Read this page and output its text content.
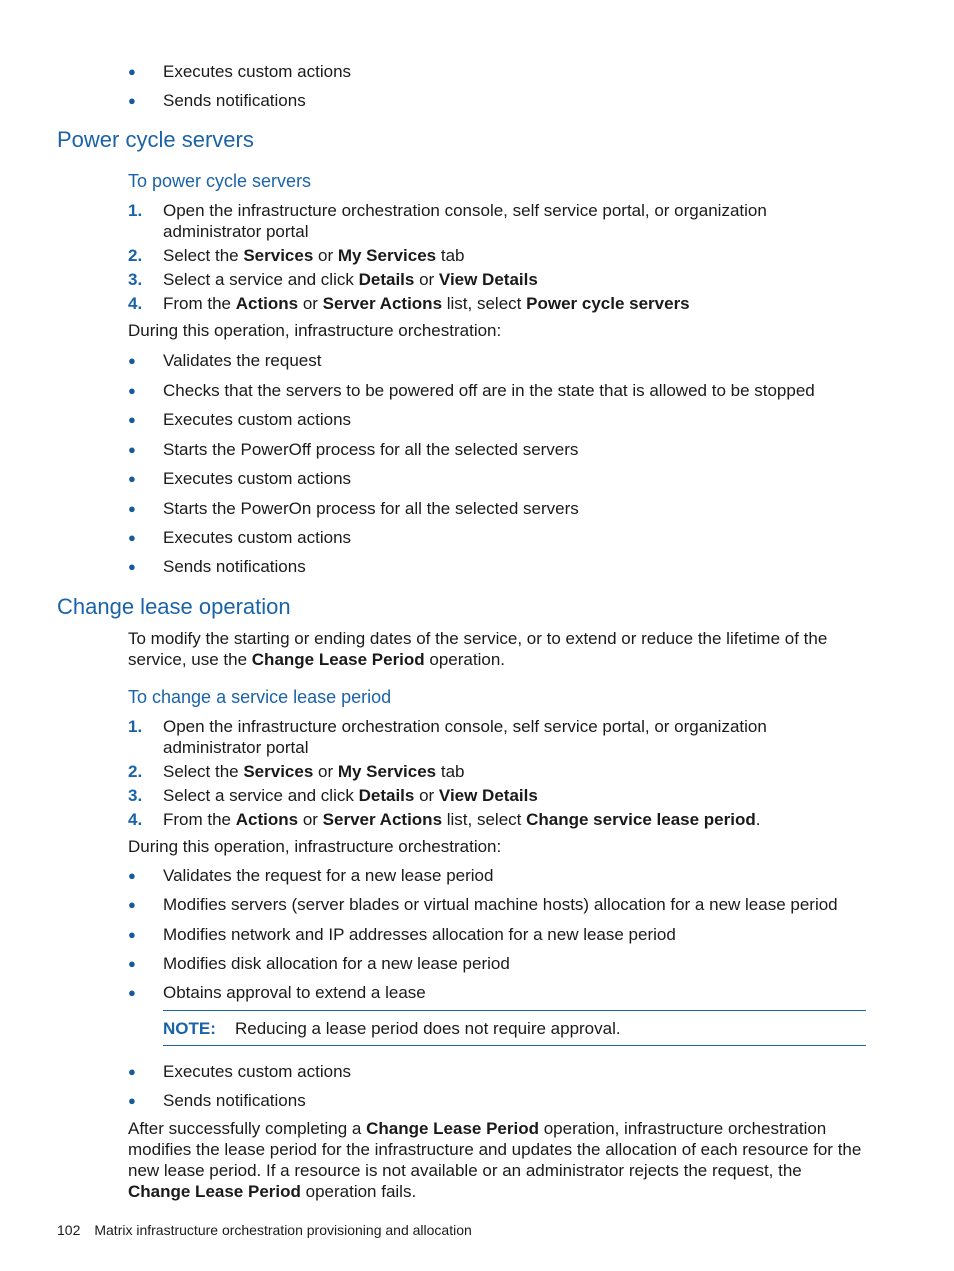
● Executes custom actions
● Sends notifications
Power cycle servers
To power cycle servers
1. Open the infrastructure orchestration console, self service portal, or organization administrator portal
2. Select the Services or My Services tab
3. Select a service and click Details or View Details
4. From the Actions or Server Actions list, select Power cycle servers
During this operation, infrastructure orchestration:
● Validates the request
● Checks that the servers to be powered off are in the state that is allowed to be stopped
● Executes custom actions
● Starts the PowerOff process for all the selected servers
● Executes custom actions
● Starts the PowerOn process for all the selected servers
● Executes custom actions
● Sends notifications
Change lease operation
To modify the starting or ending dates of the service, or to extend or reduce the lifetime of the service, use the Change Lease Period operation.
To change a service lease period
1. Open the infrastructure orchestration console, self service portal, or organization administrator portal
2. Select the Services or My Services tab
3. Select a service and click Details or View Details
4. From the Actions or Server Actions list, select Change service lease period.
During this operation, infrastructure orchestration:
● Validates the request for a new lease period
● Modifies servers (server blades or virtual machine hosts) allocation for a new lease period
● Modifies network and IP addresses allocation for a new lease period
● Modifies disk allocation for a new lease period
● Obtains approval to extend a lease
NOTE: Reducing a lease period does not require approval.
● Executes custom actions
● Sends notifications
After successfully completing a Change Lease Period operation, infrastructure orchestration modifies the lease period for the infrastructure and updates the allocation of each resource for the new lease period. If a resource is not available or an administrator rejects the request, the Change Lease Period operation fails.
102 Matrix infrastructure orchestration provisioning and allocation
